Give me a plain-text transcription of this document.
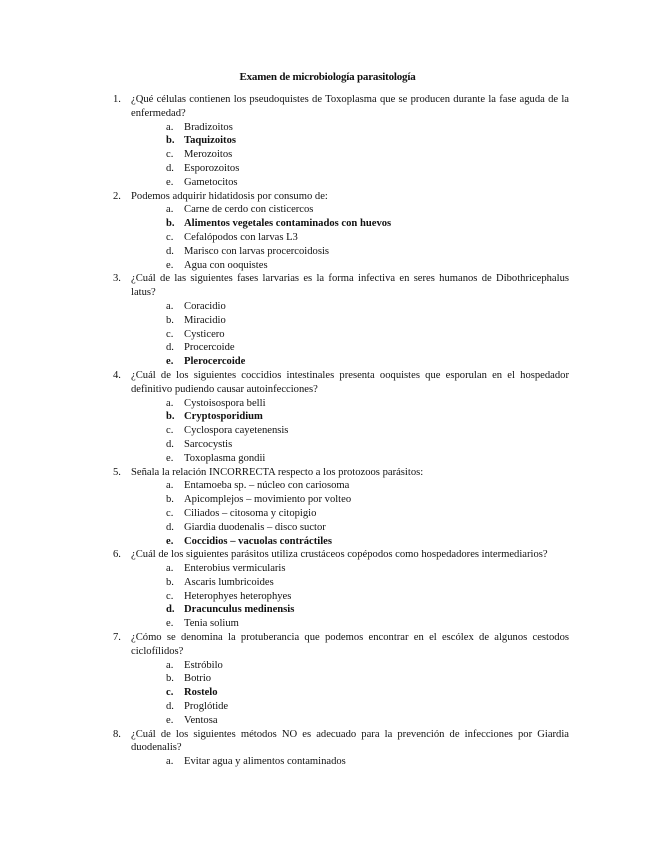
Examen de microbiología parasitología
1. ¿Qué células contienen los pseudoquistes de Toxoplasma que se producen durante la fase aguda de la enfermedad?
a. Bradizoitos
b. Taquizoitos
c. Merozoitos
d. Esporozoitos
e. Gametocitos
2. Podemos adquirir hidatidosis por consumo de:
a. Carne de cerdo con cisticercos
b. Alimentos vegetales contaminados con huevos
c. Cefalópodos con larvas L3
d. Marisco con larvas procercoidosis
e. Agua con ooquistes
3. ¿Cuál de las siguientes fases larvarias es la forma infectiva en seres humanos de Dibothricephalus latus?
a. Coracidio
b. Miracidio
c. Cysticero
d. Procercoide
e. Plerocercoide
4. ¿Cuál de los siguientes coccidios intestinales presenta ooquistes que esporulan en el hospedador definitivo pudiendo causar autoinfecciones?
a. Cystoisospora belli
b. Cryptosporidium
c. Cyclospora cayetenensis
d. Sarcocystis
e. Toxoplasma gondii
5. Señala la relación INCORRECTA respecto a los protozoos parásitos:
a. Entamoeba sp. – núcleo con cariosoma
b. Apicomplejos – movimiento por volteo
c. Ciliados – citosoma y citopigio
d. Giardia duodenalis – disco suctor
e. Coccidios – vacuolas contráctiles
6. ¿Cuál de los siguientes parásitos utiliza crustáceos copépodos como hospedadores intermediarios?
a. Enterobius vermicularis
b. Ascaris lumbricoides
c. Heterophyes heterophyes
d. Dracunculus medinensis
e. Tenia solium
7. ¿Cómo se denomina la protuberancia que podemos encontrar en el escólex de algunos cestodos ciclofílidos?
a. Estróbilo
b. Botrio
c. Rostelo
d. Proglótide
e. Ventosa
8. ¿Cuál de los siguientes métodos NO es adecuado para la prevención de infecciones por Giardia duodenalis?
a. Evitar agua y alimentos contaminados
